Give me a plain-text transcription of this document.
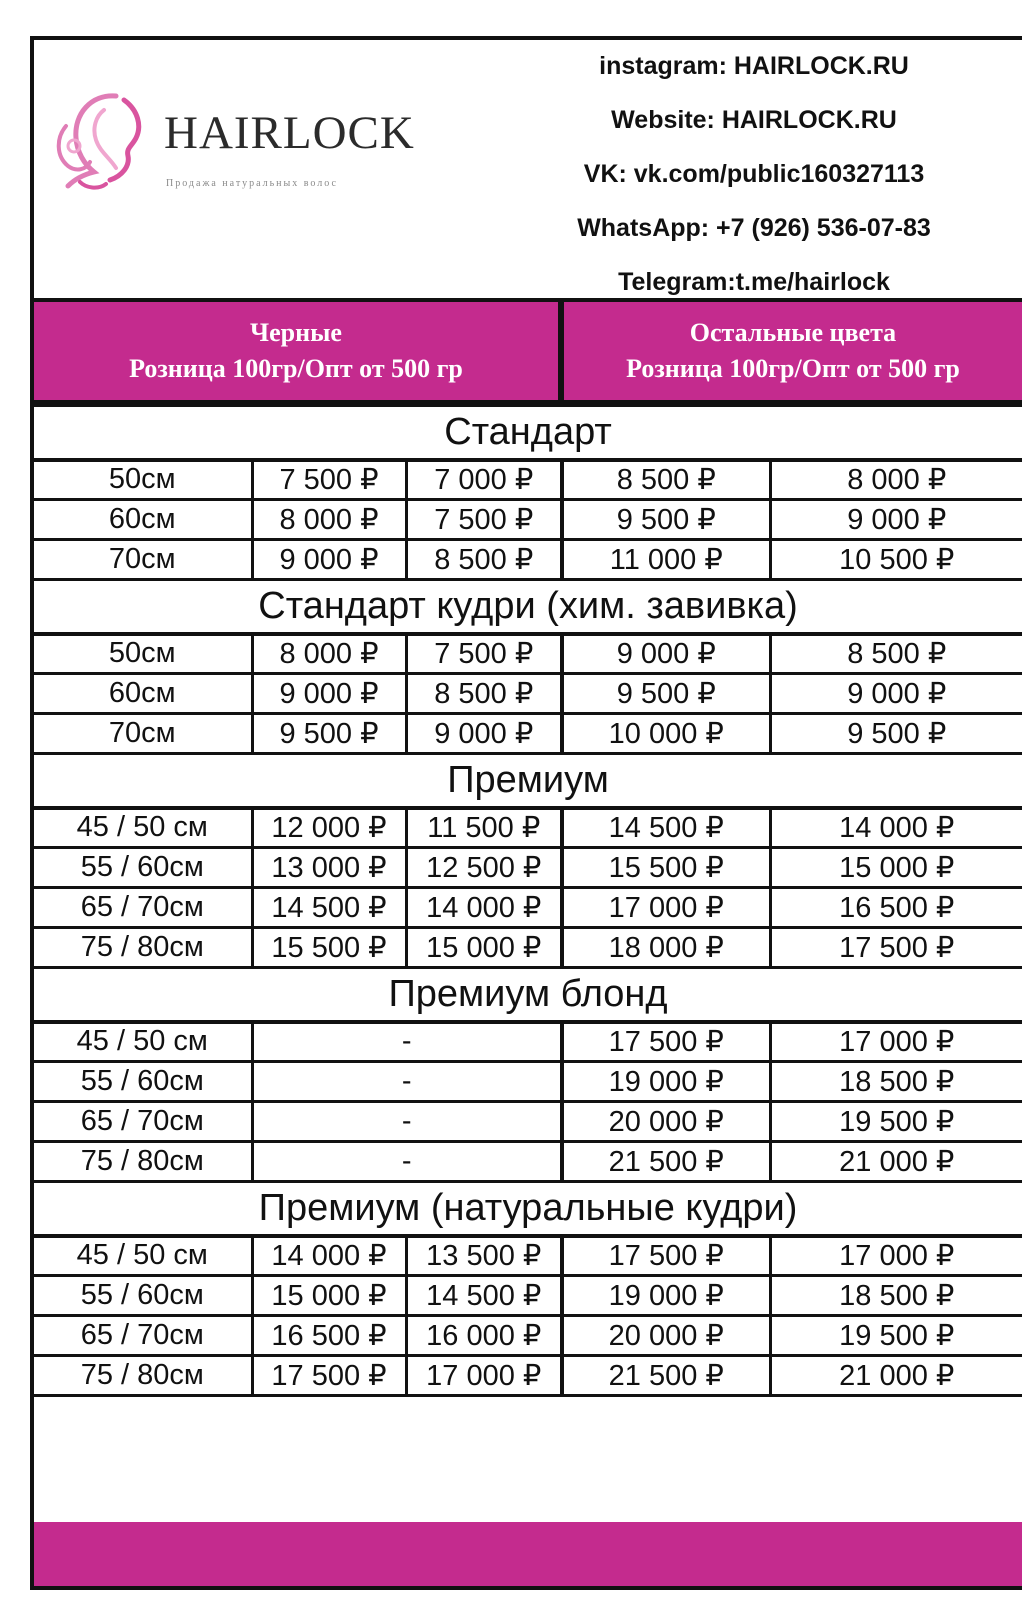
HAIRLOCK
Продажа натуральных волос
instagram: HAIRLOCK.RU
Website: HAIRLOCK.RU
VK: vk.com/public160327113
WhatsApp: +7 (926) 536-07-83
Telegram:t.me/hairlock
Черные
Розница 100гр/Опт от 500 гр
Остальные цвета
Розница 100гр/Опт от 500 гр
Стандарт				
50см	7 500 ₽	7 000 ₽	8 500 ₽	8 000 ₽
60см	8 000 ₽	7 500 ₽	9 500 ₽	9 000 ₽
70см	9 000 ₽	8 500 ₽	11 000 ₽	10 500 ₽
Стандарт кудри (хим. завивка)				
50см	8 000 ₽	7 500 ₽	9 000 ₽	8 500 ₽
60см	9 000 ₽	8 500 ₽	9 500 ₽	9 000 ₽
70см	9 500 ₽	9 000 ₽	10 000 ₽	9 500 ₽
Премиум				
45 / 50 см	12 000 ₽	11 500 ₽	14 500 ₽	14 000 ₽
55 / 60см	13 000 ₽	12 500 ₽	15 500 ₽	15 000 ₽
65 / 70см	14 500 ₽	14 000 ₽	17 000 ₽	16 500 ₽
75 / 80см	15 500 ₽	15 000 ₽	18 000 ₽	17 500 ₽
Премиум блонд				
45 / 50 см	-		17 500 ₽	17 000 ₽
55 / 60см	-		19 000 ₽	18 500 ₽
65 / 70см	-		20 000 ₽	19 500 ₽
75 / 80см	-		21 500 ₽	21 000 ₽
Премиум (натуральные кудри)				
45 / 50 см	14 000 ₽	13 500 ₽	17 500 ₽	17 000 ₽
55 / 60см	15 000 ₽	14 500 ₽	19 000 ₽	18 500 ₽
65 / 70см	16 500 ₽	16 000 ₽	20 000 ₽	19 500 ₽
75 / 80см	17 500 ₽	17 000 ₽	21 500 ₽	21 000 ₽
